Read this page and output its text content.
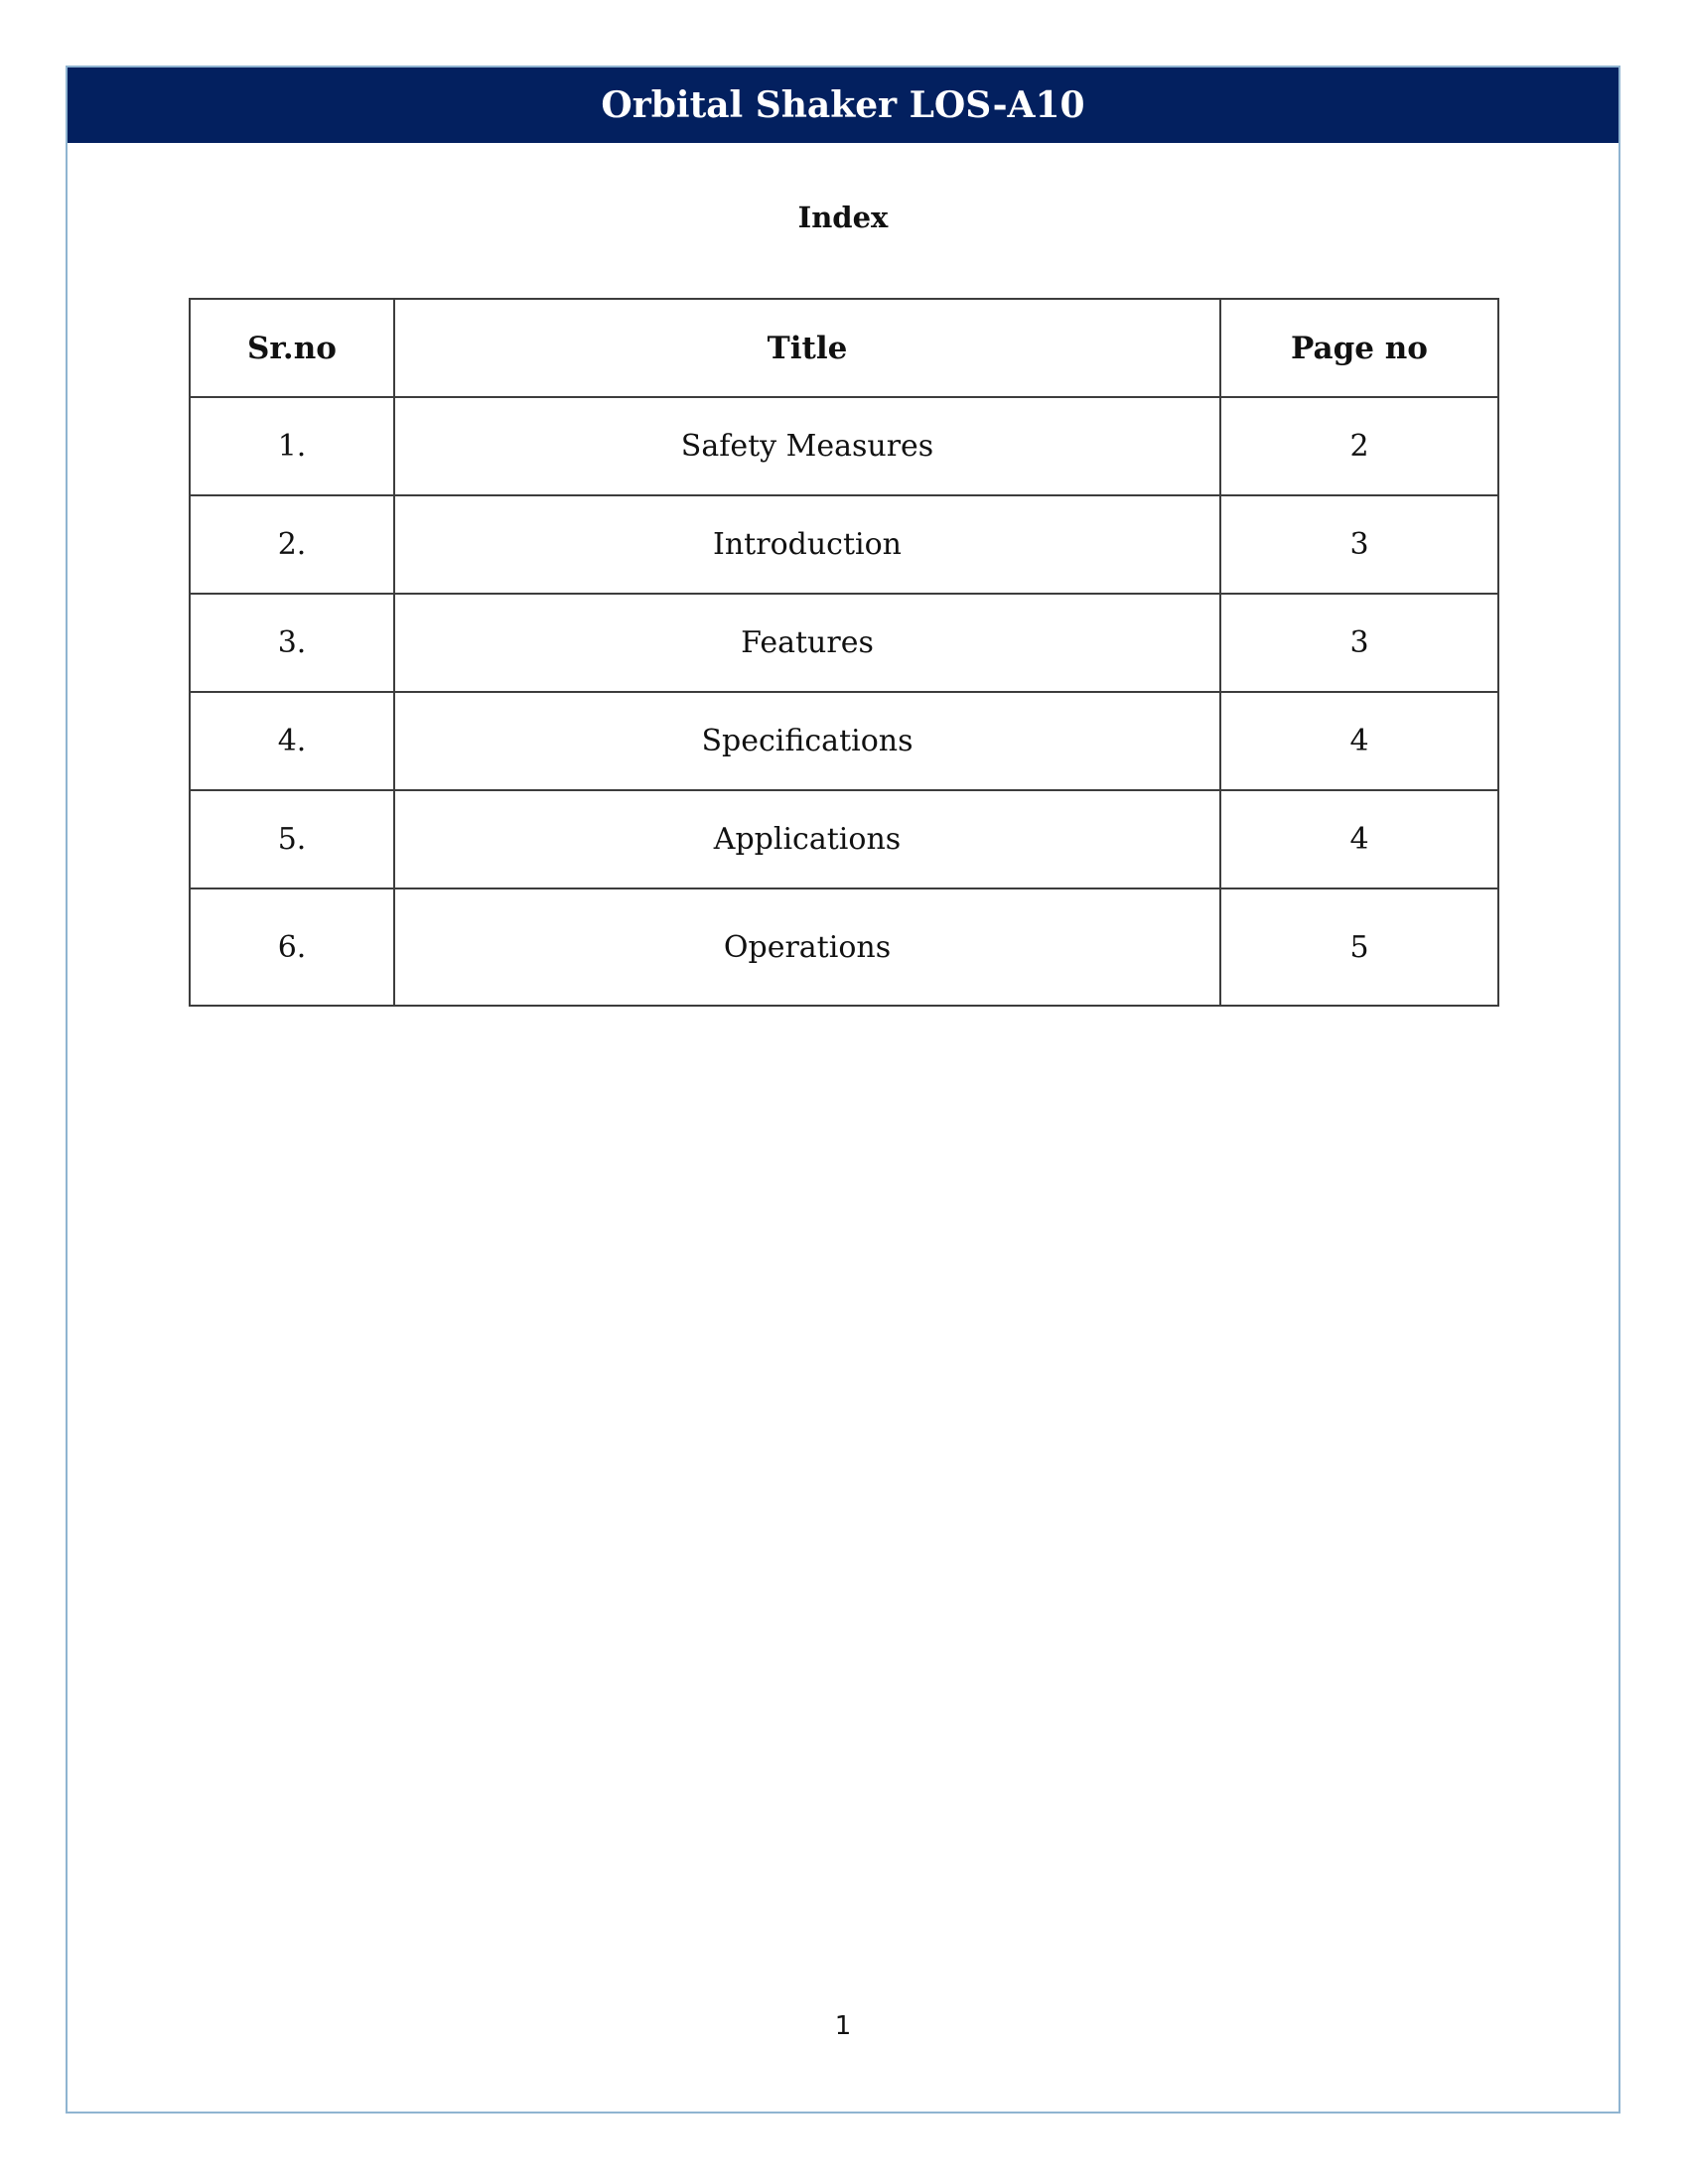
Orbital Shaker LOS-A10
Index
Sr.no	Title	Page no
1.	Safety Measures	2
2.	Introduction	3
3.	Features	3
4.	Specifications	4
5.	Applications	4
6.	Operations	5
1
